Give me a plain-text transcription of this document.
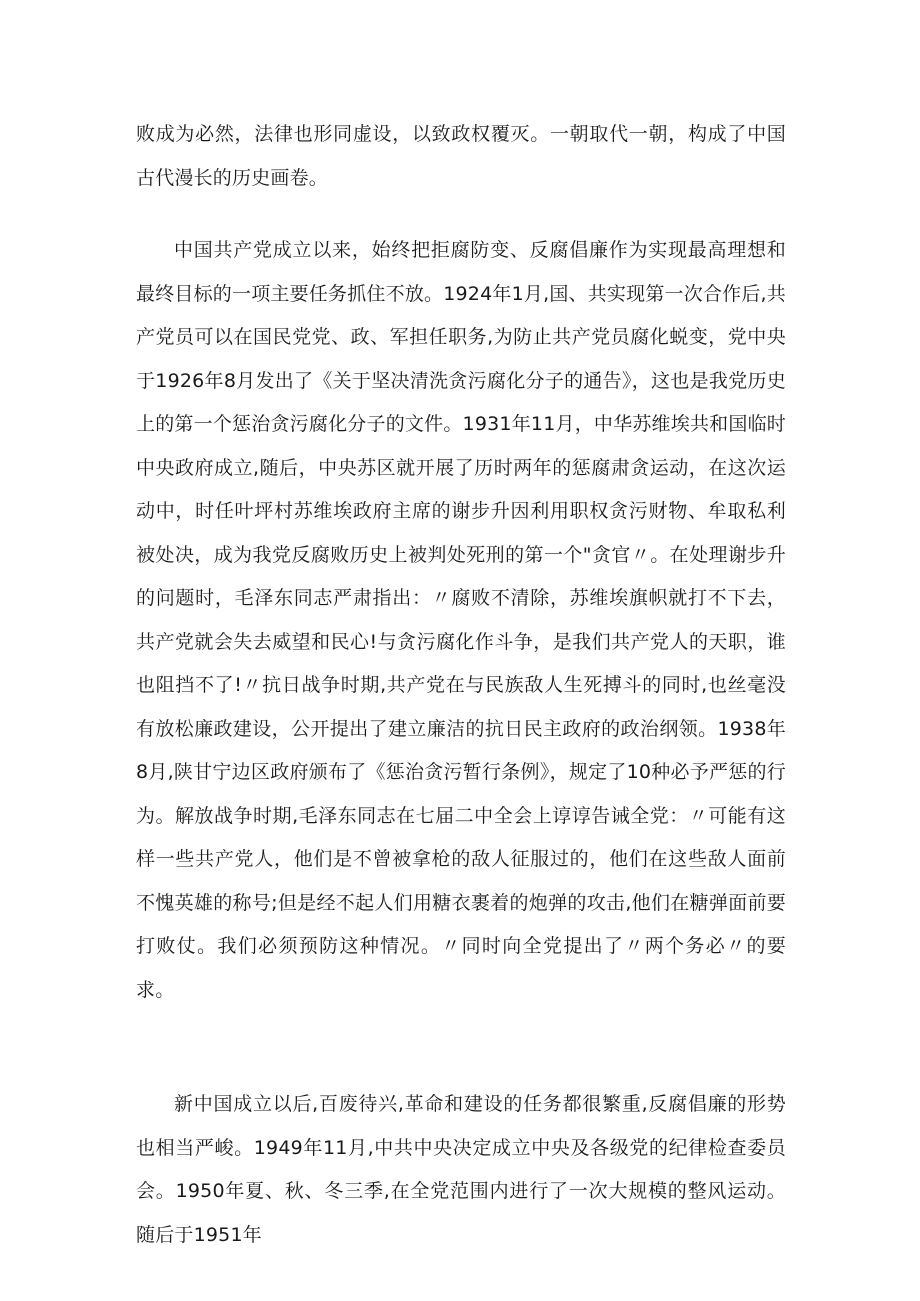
败成为必然，法律也形同虚设，以致政权覆灭。一朝取代一朝，构成了中国古代漫长的历史画卷。

中国共产党成立以来，始终把拒腐防变、反腐倡廉作为实现最高理想和最终目标的一项主要任务抓住不放。1924年1月,国、共实现第一次合作后,共产党员可以在国民党党、政、军担任职务,为防止共产党员腐化蜕变，党中央于1926年8月发出了《关于坚决清洗贪污腐化分子的通告》，这也是我党历史上的第一个惩治贪污腐化分子的文件。1931年11月，中华苏维埃共和国临时中央政府成立,随后，中央苏区就开展了历时两年的惩腐肃贪运动，在这次运动中，时任叶坪村苏维埃政府主席的谢步升因利用职权贪污财物、牟取私利被处决，成为我党反腐败历史上被判处死刑的第一个"贪官〃。在处理谢步升的问题时，毛泽东同志严肃指出：〃腐败不清除，苏维埃旗帜就打不下去，共产党就会失去威望和民心!与贪污腐化作斗争，是我们共产党人的天职，谁也阻挡不了!〃抗日战争时期,共产党在与民族敌人生死搏斗的同时,也丝毫没有放松廉政建设，公开提出了建立廉洁的抗日民主政府的政治纲领。1938年8月,陕甘宁边区政府颁布了《惩治贪污暂行条例》，规定了10种必予严惩的行为。解放战争时期,毛泽东同志在七届二中全会上谆谆告诫全党：〃可能有这样一些共产党人，他们是不曾被拿枪的敌人征服过的，他们在这些敌人面前不愧英雄的称号;但是经不起人们用糖衣裹着的炮弹的攻击,他们在糖弹面前要打败仗。我们必须预防这种情况。〃同时向全党提出了〃两个务必〃的要求。

新中国成立以后,百废待兴,革命和建设的任务都很繁重,反腐倡廉的形势也相当严峻。1949年11月,中共中央决定成立中央及各级党的纪律检查委员会。1950年夏、秋、冬三季,在全党范围内进行了一次大规模的整风运动。随后于1951年
